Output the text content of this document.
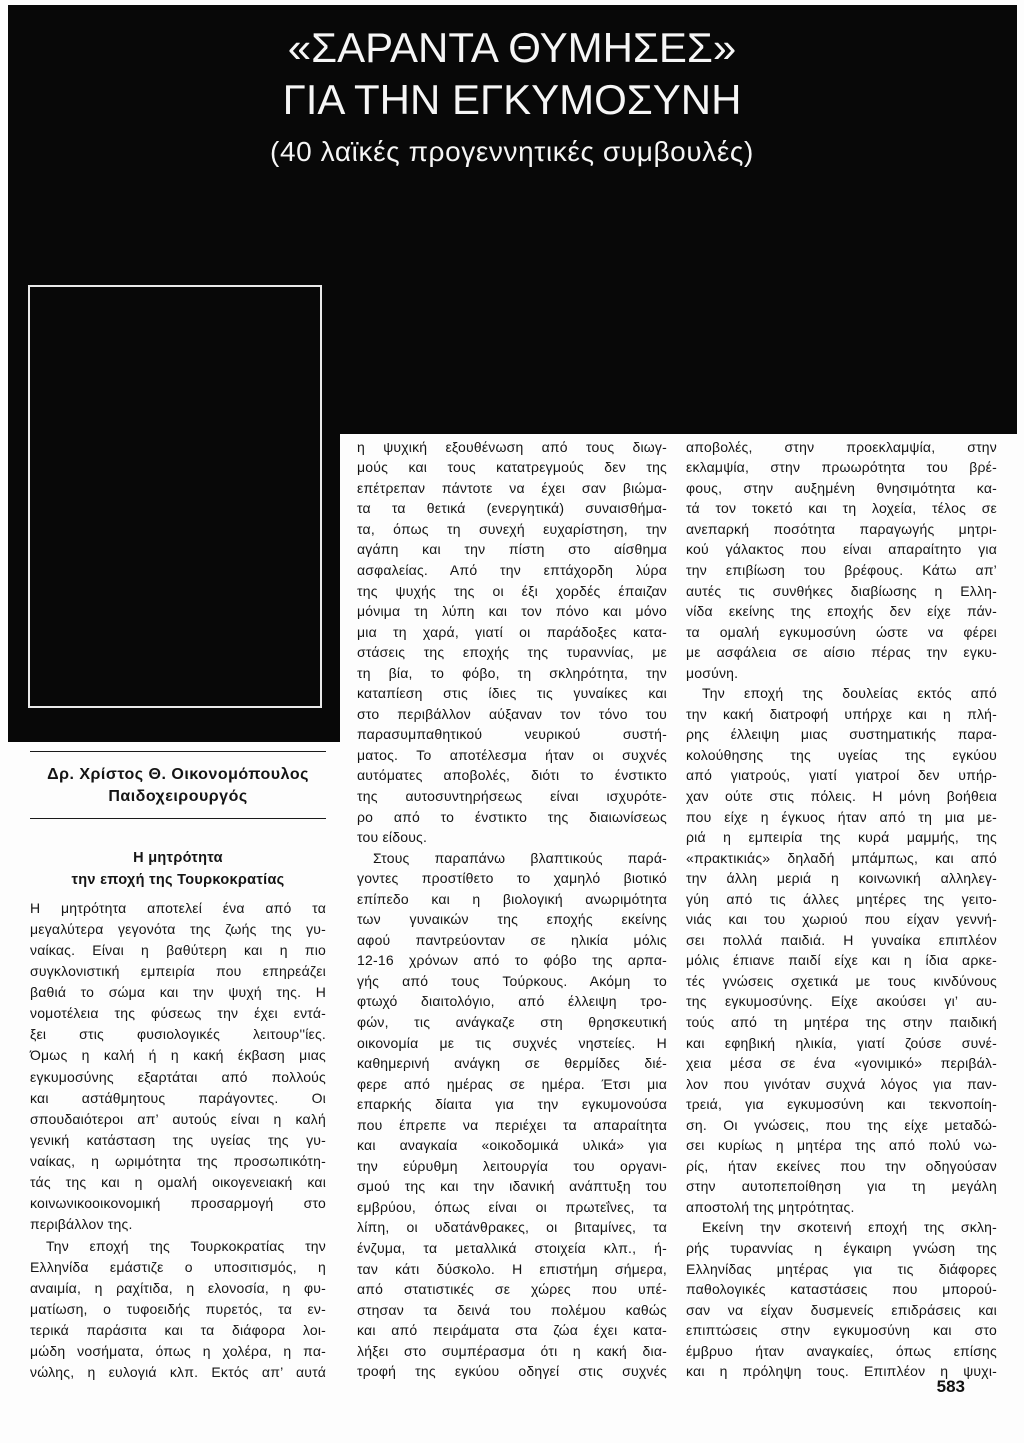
«ΣΑΡΑΝΤΑ ΘΥΜΗΣΕΣ»
ΓΙΑ ΤΗΝ ΕΓΚΥΜΟΣΥΝΗ
(40 λαϊκές προγεννητικές συμβουλές)
Δρ. Χρίστος Θ. Οικονομόπουλος
Παιδοχειρουργός
Η μητρότητα
την εποχή της Τουρκοκρατίας
Η μητρότητα αποτελεί ένα από τα
μεγαλύτερα γεγονότα της ζωής της γυ-
ναίκας. Είναι η βαθύτερη και η πιο
συγκλονιστική εμπειρία που επηρεάζει
βαθιά το σώμα και την ψυχή της. Η
νομοτέλεια της φύσεως την έχει εντά-
ξει στις φυσιολογικές λειτουρ''ίες.
Όμως η καλή ή η κακή έκβαση μιας
εγκυμοσύνης εξαρτάται από πολλούς
και αστάθμητους παράγοντες. Οι
σπουδαιότεροι απ’ αυτούς είναι η καλή
γενική κατάσταση της υγείας της γυ-
ναίκας, η ωριμότητα της προσωπικότη-
τάς της και η ομαλή οικογενειακή και
κοινωνικοοικονομική προσαρμογή στο
περιβάλλον της.
Την εποχή της Τουρκοκρατίας την
Ελληνίδα εμάστιζε ο υποσιτισμός, η
αναιμία, η ραχίτιδα, η ελονοσία, η φυ-
ματίωση, ο τυφοειδής πυρετός, τα εν-
τερικά παράσιτα και τα διάφορα λοι-
μώδη νοσήματα, όπως η χολέρα, η πα-
νώλης, η ευλογιά κλπ. Εκτός απ’ αυτά
η ψυχική εξουθένωση από τους διωγ-
μούς και τους κατατρεγμούς δεν της
επέτρεπαν πάντοτε να έχει σαν βιώμα-
τα τα θετικά (ενεργητικά) συναισθήμα-
τα, όπως τη συνεχή ευχαρίστηση, την
αγάπη και την πίστη στο αίσθημα
ασφαλείας. Από την επτάχορδη λύρα
της ψυχής της οι έξι χορδές έπαιζαν
μόνιμα τη λύπη και τον πόνο και μόνο
μια τη χαρά, γιατί οι παράδοξες κατα-
στάσεις της εποχής της τυραννίας, με
τη βία, το φόβο, τη σκληρότητα, την
καταπίεση στις ίδιες τις γυναίκες και
στο περιβάλλον αύξαναν τον τόνο του
παρασυμπαθητικού νευρικού συστή-
ματος. Το αποτέλεσμα ήταν οι συχνές
αυτόματες αποβολές, διότι το ένστικτο
της αυτοσυντηρήσεως είναι ισχυρότε-
ρο από το ένστικτο της διαιωνίσεως
του είδους.
Στους παραπάνω βλαπτικούς παρά-
γοντες προστίθετο το χαμηλό βιοτικό
επίπεδο και η βιολογική ανωριμότητα
των γυναικών της εποχής εκείνης
αφού παντρεύονταν σε ηλικία μόλις
12-16 χρόνων από το φόβο της αρπα-
γής από τους Τούρκους. Ακόμη το
φτωχό διαιτολόγιο, από έλλειψη τρο-
φών, τις ανάγκαζε στη θρησκευτική
οικονομία με τις συχνές νηστείες. Η
καθημερινή ανάγκη σε θερμίδες διέ-
φερε από ημέρας σε ημέρα. Έτσι μια
επαρκής δίαιτα για την εγκυμονούσα
που έπρεπε να περιέχει τα απαραίτητα
και αναγκαία «οικοδομικά υλικά» για
την εύρυθμη λειτουργία του οργανι-
σμού της και την ιδανική ανάπτυξη του
εμβρύου, όπως είναι οι πρωτεΐνες, τα
λίπη, οι υδατάνθρακες, οι βιταμίνες, τα
ένζυμα, τα μεταλλικά στοιχεία κλπ., ή-
ταν κάτι δύσκολο. Η επιστήμη σήμερα,
από στατιστικές σε χώρες που υπέ-
στησαν τα δεινά του πολέμου καθώς
και από πειράματα στα ζώα έχει κατα-
λήξει στο συμπέρασμα ότι η κακή δια-
τροφή της εγκύου οδηγεί στις συχνές
αποβολές, στην προεκλαμψία, στην
εκλαμψία, στην πρωωρότητα του βρέ-
φους, στην αυξημένη θνησιμότητα κα-
τά τον τοκετό και τη λοχεία, τέλος σε
ανεπαρκή ποσότητα παραγωγής μητρι-
κού γάλακτος που είναι απαραίτητο για
την επιβίωση του βρέφους. Κάτω απ’
αυτές τις συνθήκες διαβίωσης η Ελλη-
νίδα εκείνης της εποχής δεν είχε πάν-
τα ομαλή εγκυμοσύνη ώστε να φέρει
με ασφάλεια σε αίσιο πέρας την εγκυ-
μοσύνη.
Την εποχή της δουλείας εκτός από
την κακή διατροφή υπήρχε και η πλή-
ρης έλλειψη μιας συστηματικής παρα-
κολούθησης της υγείας της εγκύου
από γιατρούς, γιατί γιατροί δεν υπήρ-
χαν ούτε στις πόλεις. Η μόνη βοήθεια
που είχε η έγκυος ήταν από τη μια με-
ριά η εμπειρία της κυρά μαμμής, της
«πρακτικιάς» δηλαδή μπάμπως, και από
την άλλη μεριά η κοινωνική αλληλεγ-
γύη από τις άλλες μητέρες της γειτο-
νιάς και του χωριού που είχαν γεννή-
σει πολλά παιδιά. Η γυναίκα επιπλέον
μόλις έπιανε παιδί είχε και η ίδια αρκε-
τές γνώσεις σχετικά με τους κινδύνους
της εγκυμοσύνης. Είχε ακούσει γι’ αυ-
τούς από τη μητέρα της στην παιδική
και εφηβική ηλικία, γιατί ζούσε συνέ-
χεια μέσα σε ένα «γονιμικό» περιβάλ-
λον που γινόταν συχνά λόγος για παν-
τρειά, για εγκυμοσύνη και τεκνοποίη-
ση. Οι γνώσεις, που της είχε μεταδώ-
σει κυρίως η μητέρα της από πολύ νω-
ρίς, ήταν εκείνες που την οδηγούσαν
στην αυτοπεποίθηση για τη μεγάλη
αποστολή της μητρότητας.
Εκείνη την σκοτεινή εποχή της σκλη-
ρής τυραννίας η έγκαιρη γνώση της
Ελληνίδας μητέρας για τις διάφορες
παθολογικές καταστάσεις που μπορού-
σαν να είχαν δυσμενείς επιδράσεις και
επιπτώσεις στην εγκυμοσύνη και στο
έμβρυο ήταν αναγκαίες, όπως επίσης
και η πρόληψη τους. Επιπλέον η ψυχι-
583
